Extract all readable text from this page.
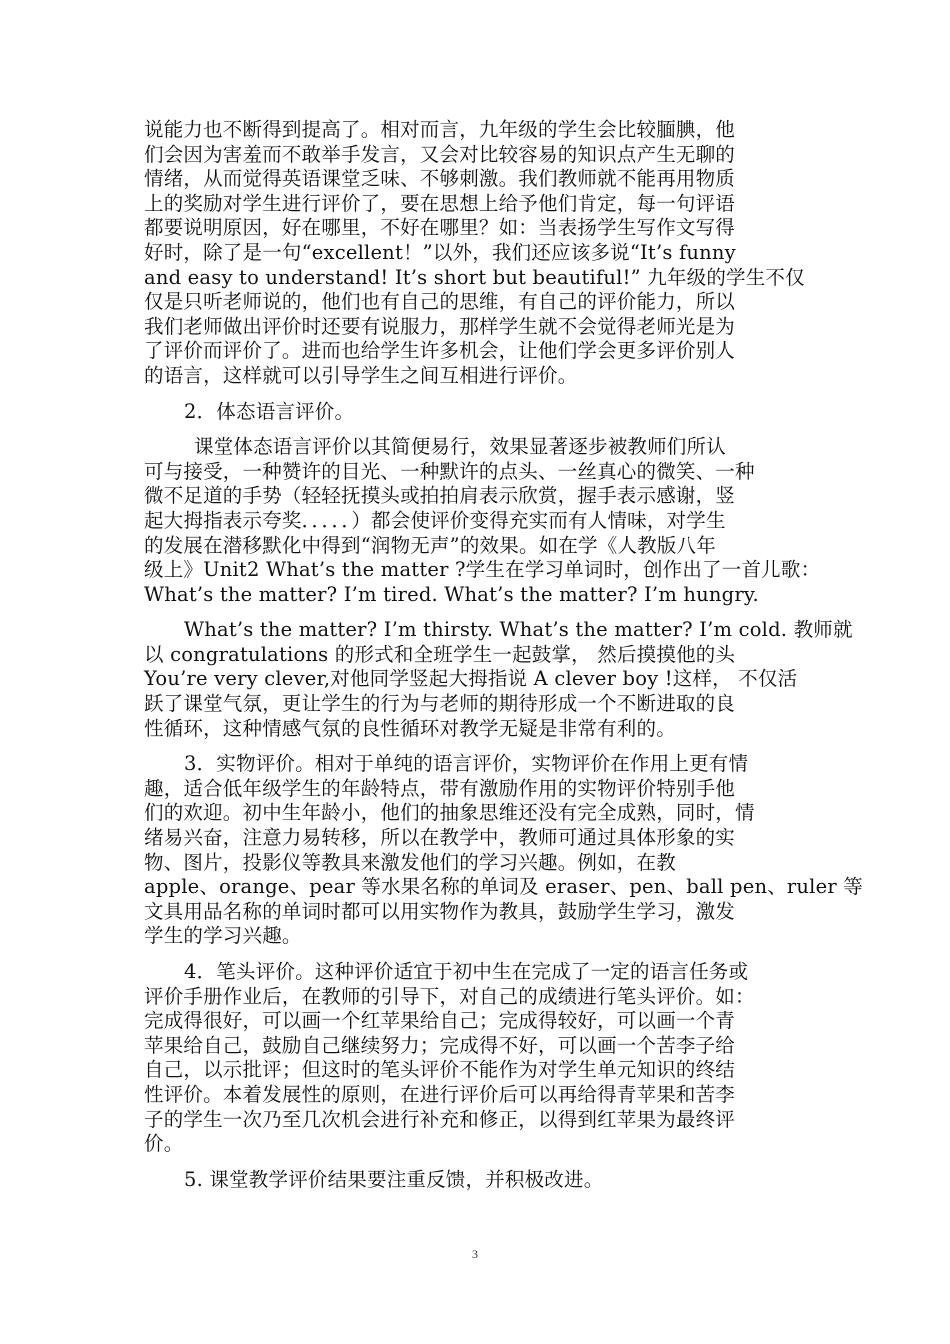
说能力也不断得到提高了。相对而言，九年级的学生会比较腼腆，他
们会因为害羞而不敢举手发言，又会对比较容易的知识点产生无聊的
情绪，从而觉得英语课堂乏味、不够刺激。我们教师就不能再用物质
上的奖励对学生进行评价了，要在思想上给予他们肯定，每一句评语
都要说明原因，好在哪里，不好在哪里？如：当表扬学生写作文写得
好时，除了是一句“excellent！”以外，我们还应该多说“It’s funny
and easy to understand! It’s short but beautiful!” 九年级的学生不仅
仅是只听老师说的，他们也有自己的思维，有自己的评价能力，所以
我们老师做出评价时还要有说服力，那样学生就不会觉得老师光是为
了评价而评价了。进而也给学生许多机会，让他们学会更多评价别人
的语言，这样就可以引导学生之间互相进行评价。
2．体态语言评价。
课堂体态语言评价以其简便易行，效果显著逐步被教师们所认
可与接受，一种赞许的目光、一种默许的点头、一丝真心的微笑、一种
微不足道的手势（轻轻抚摸头或拍拍肩表示欣赏，握手表示感谢，竖
起大拇指表示夸奖．．．．．）都会使评价变得充实而有人情味，对学生
的发展在潜移默化中得到“润物无声”的效果。如在学《人教版八年
级上》Unit2 What’s the matter ?学生在学习单词时，创作出了一首儿歌：
What’s the matter? I’m tired. What’s the matter? I’m hungry.
What’s the matter? I’m thirsty. What’s the matter? I’m cold. 教师就
以 congratulations 的形式和全班学生一起鼓掌， 然后摸摸他的头
You’re very clever,对他同学竖起大拇指说 A clever boy !这样， 不仅活
跃了课堂气氛，更让学生的行为与老师的期待形成一个不断进取的良
性循环，这种情感气氛的良性循环对教学无疑是非常有利的。
3．实物评价。相对于单纯的语言评价，实物评价在作用上更有情
趣，适合低年级学生的年龄特点，带有激励作用的实物评价特别手他
们的欢迎。初中生年龄小，他们的抽象思维还没有完全成熟，同时，情
绪易兴奋，注意力易转移，所以在教学中，教师可通过具体形象的实
物、图片，投影仪等教具来激发他们的学习兴趣。例如，在教
apple、orange、pear 等水果名称的单词及 eraser、pen、ball pen、ruler 等
文具用品名称的单词时都可以用实物作为教具，鼓励学生学习，激发
学生的学习兴趣。
4．笔头评价。这种评价适宜于初中生在完成了一定的语言任务或
评价手册作业后，在教师的引导下，对自己的成绩进行笔头评价。如：
完成得很好，可以画一个红苹果给自己；完成得较好，可以画一个青
苹果给自己，鼓励自己继续努力；完成得不好，可以画一个苦李子给
自己，以示批评；但这时的笔头评价不能作为对学生单元知识的终结
性评价。本着发展性的原则，在进行评价后可以再给得青苹果和苦李
子的学生一次乃至几次机会进行补充和修正，以得到红苹果为最终评
价。
5. 课堂教学评价结果要注重反馈，并积极改进。
3
